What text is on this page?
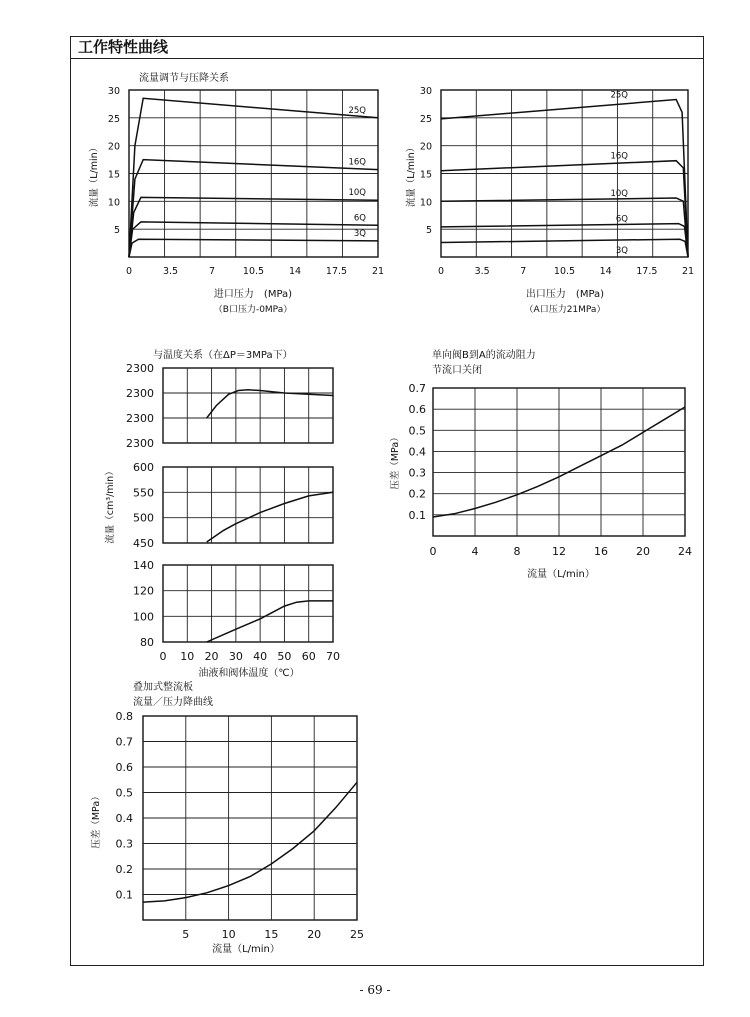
工作特性曲线
- 69 -
流量调节与压降关系
0	3.5	7	10.5	14	17.5	21
5
10
15
20
25
30
25Q
16Q
10Q
6Q
3Q
进口压力　(MPa)
（B口压力-0MPa）
流量（L/min）
0	3.5	7	10.5	14	17.5	21
5
10
15
20
25
30	25Q
16Q
10Q
6Q
3Q
出口压力　(MPa)
（A口压力21MPa）
流量（L/min）
与温度关系（在ΔP＝3MPa下）
2300
2300
2300
2300
450
500
550
600
流量（cm³/min）
0 10 20 30 40 50 60 70
80
100
120
140
油液和阀体温度（℃）
单向阀B到A的流动阻力
节流口关闭
0	4	8	12	16	20	24
0.1
0.2
0.3
0.4
0.5
0.6
0.7
流量（L/min）
压差（MPa）
叠加式整流板
流量／压力降曲线
5	10	15	20	25
0.1
0.2
0.3
0.4
0.5
0.6
0.7
0.8
流量（L/min）
压差（MPa）
